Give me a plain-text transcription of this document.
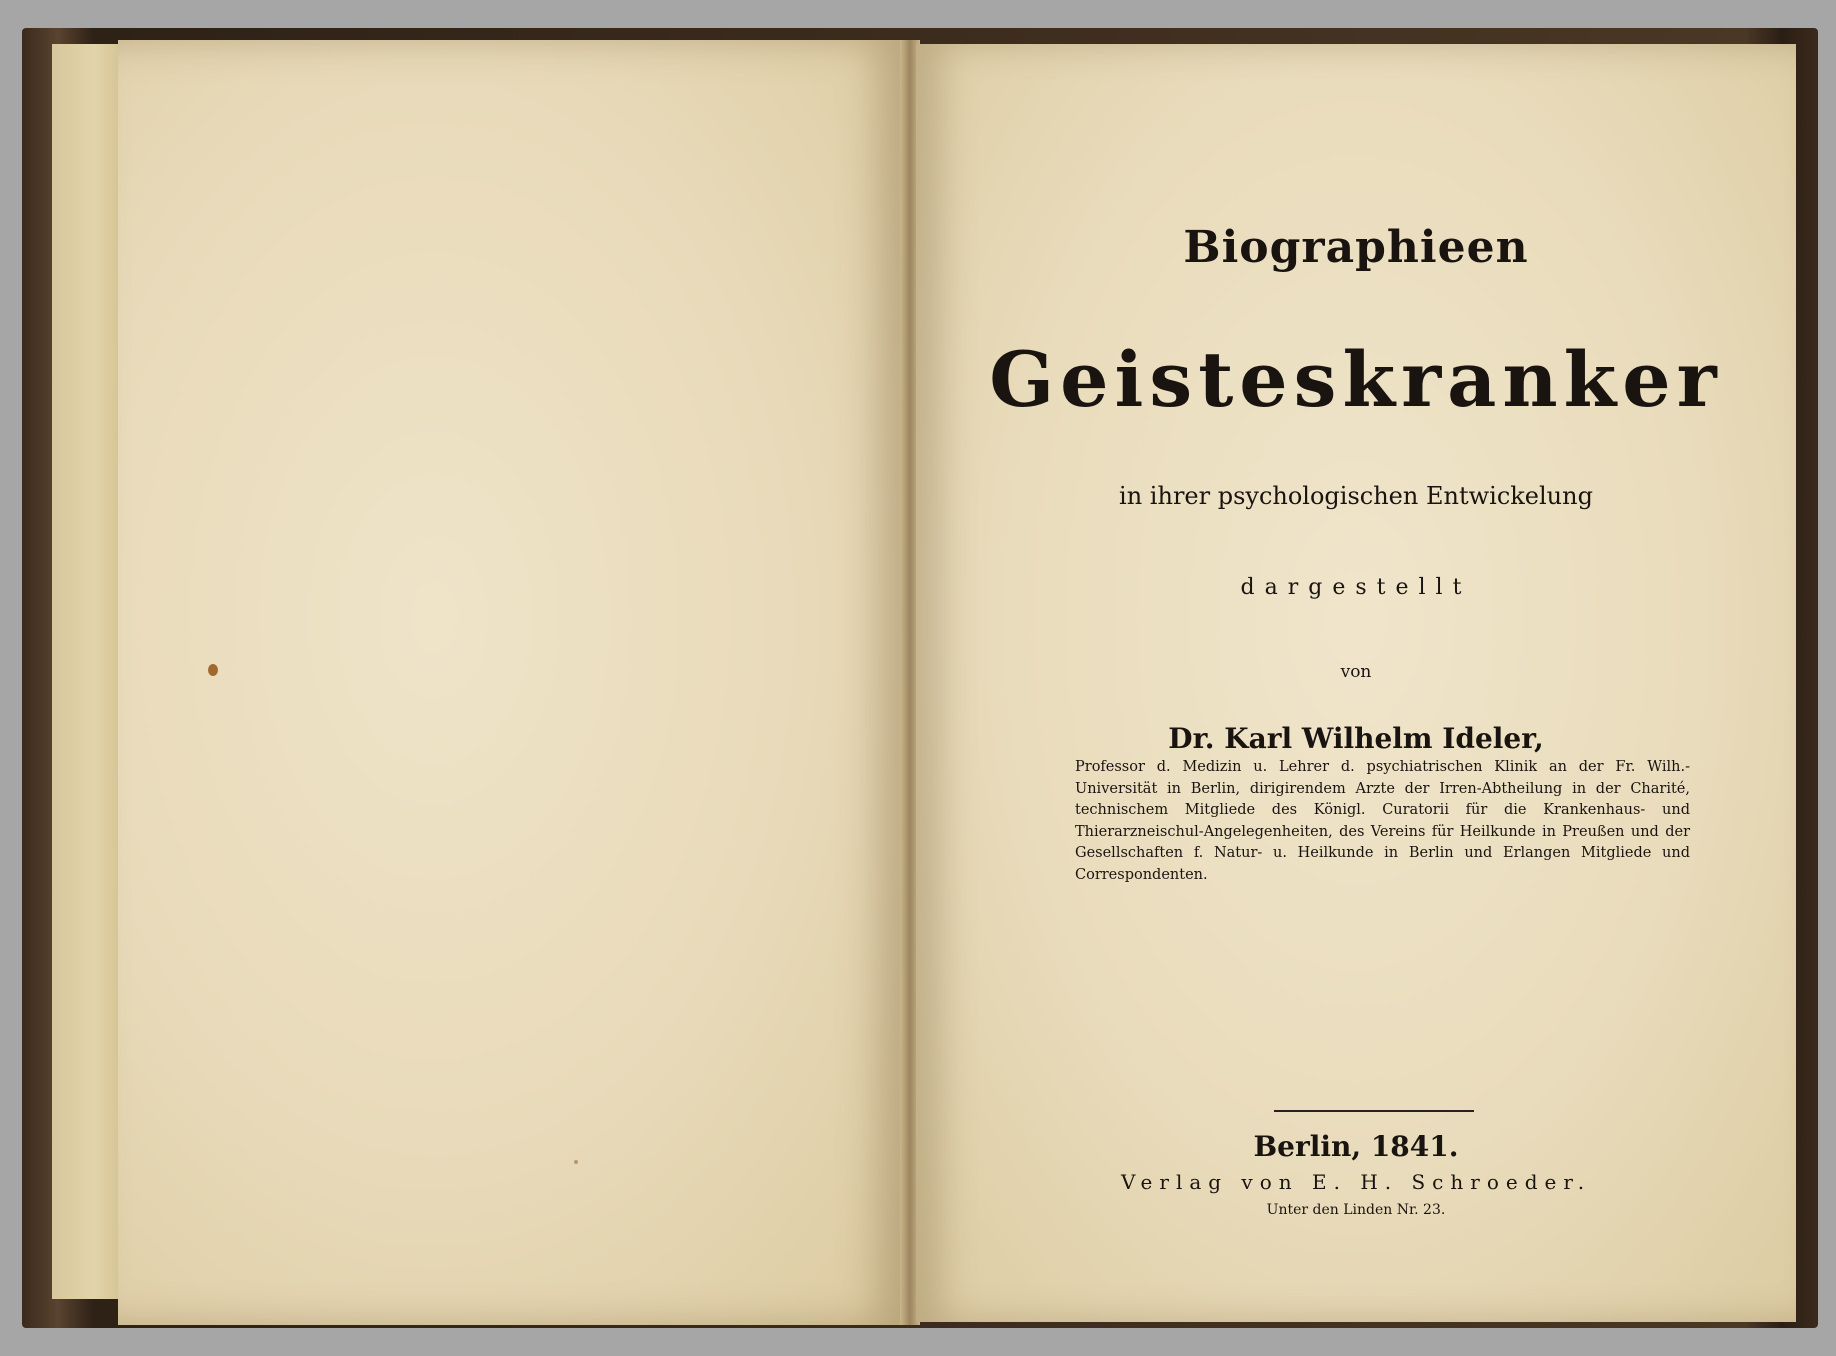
Biographieen
Geisteskranker
in ihrer psychologischen Entwickelung
dargestellt
von
Dr. Karl Wilhelm Ideler,
Professor d. Medizin u. Lehrer d. psychiatrischen Klinik an der Fr. Wilh.-Universität in Berlin, dirigirendem Arzte der Irren-Abtheilung in der Charité, technischem Mitgliede des Königl. Curatorii für die Krankenhaus- und Thierarzneischul-Angelegenheiten, des Vereins für Heilkunde in Preußen und der Gesellschaften f. Natur- u. Heilkunde in Berlin und Erlangen Mitgliede und Correspondenten.
Berlin, 1841.
Verlag von E. H. Schroeder.
Unter den Linden Nr. 23.
